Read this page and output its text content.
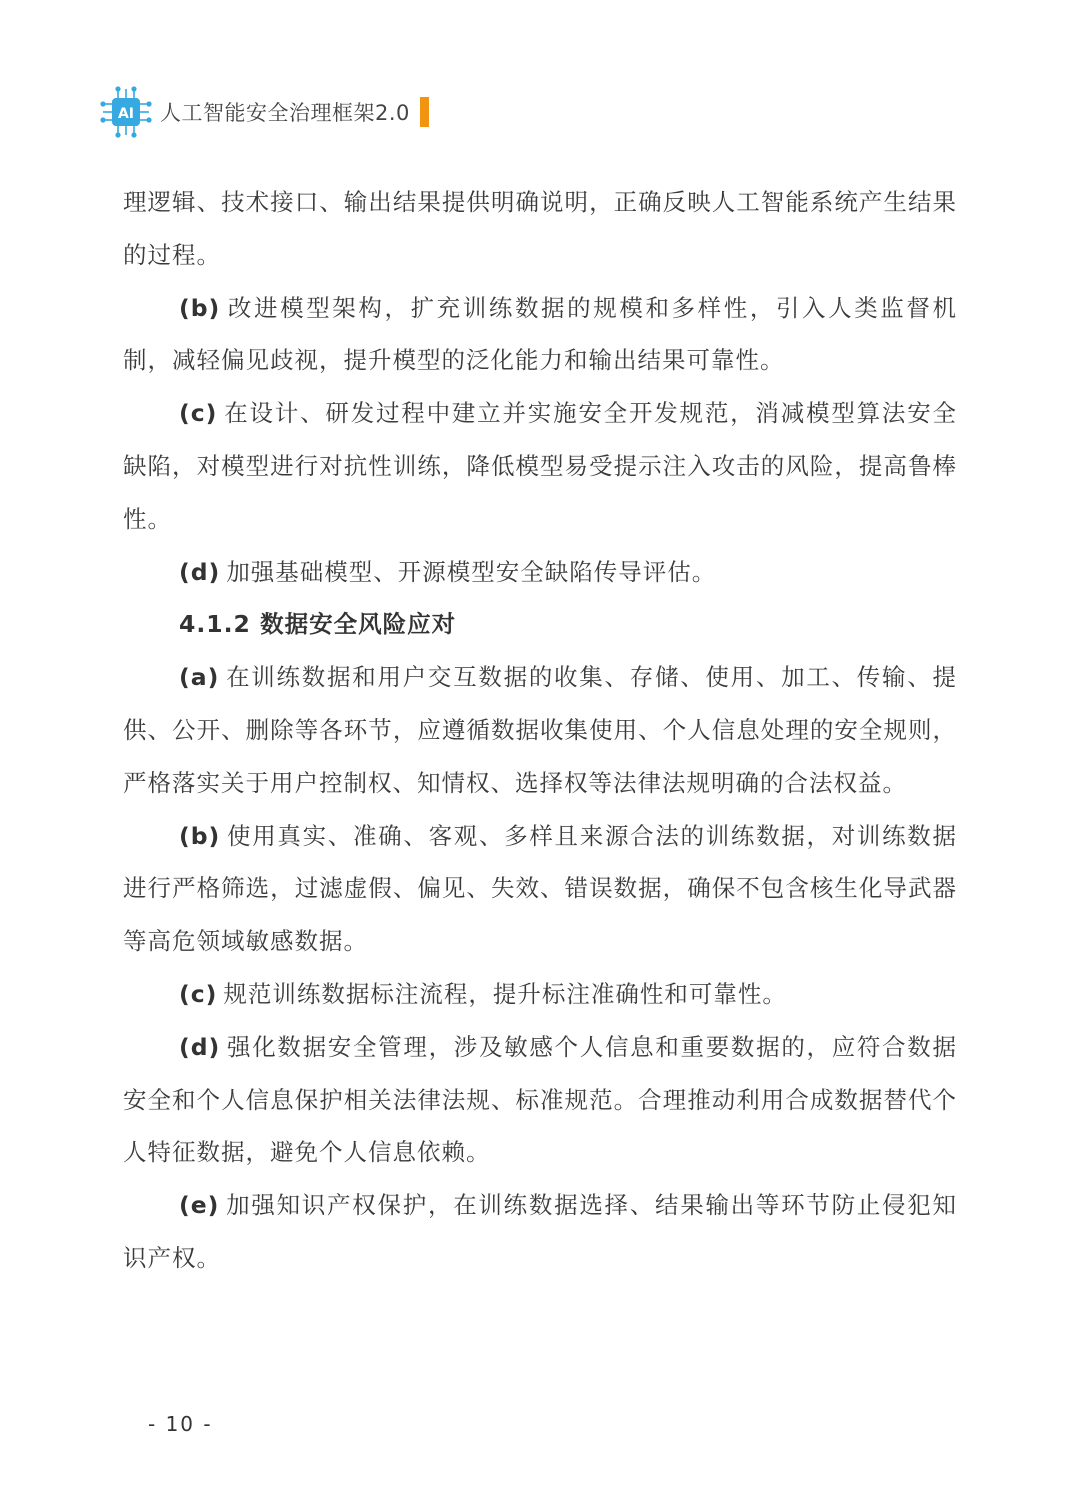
AI 人工智能安全治理框架2.0

理逻辑、技术接口、输出结果提供明确说明，正确反映人工智能系统产生结果的过程。

(b) 改进模型架构，扩充训练数据的规模和多样性，引入人类监督机制，减轻偏见歧视，提升模型的泛化能力和输出结果可靠性。

(c) 在设计、研发过程中建立并实施安全开发规范，消减模型算法安全缺陷，对模型进行对抗性训练，降低模型易受提示注入攻击的风险，提高鲁棒性。

(d) 加强基础模型、开源模型安全缺陷传导评估。

4.1.2 数据安全风险应对

(a) 在训练数据和用户交互数据的收集、存储、使用、加工、传输、提供、公开、删除等各环节，应遵循数据收集使用、个人信息处理的安全规则，严格落实关于用户控制权、知情权、选择权等法律法规明确的合法权益。

(b) 使用真实、准确、客观、多样且来源合法的训练数据，对训练数据进行严格筛选，过滤虚假、偏见、失效、错误数据，确保不包含核生化导武器等高危领域敏感数据。

(c) 规范训练数据标注流程，提升标注准确性和可靠性。

(d) 强化数据安全管理，涉及敏感个人信息和重要数据的，应符合数据安全和个人信息保护相关法律法规、标准规范。合理推动利用合成数据替代个人特征数据，避免个人信息依赖。

(e) 加强知识产权保护，在训练数据选择、结果输出等环节防止侵犯知识产权。

- 10 -
